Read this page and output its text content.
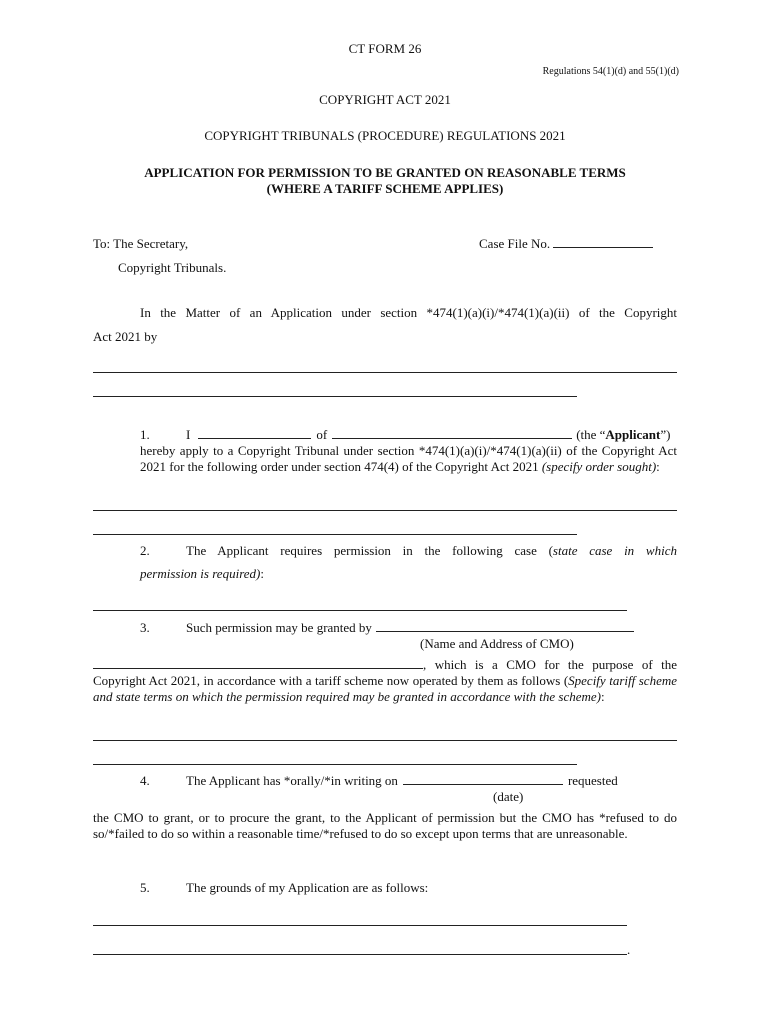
CT FORM 26
Regulations 54(1)(d) and 55(1)(d)
COPYRIGHT ACT 2021
COPYRIGHT TRIBUNALS (PROCEDURE) REGULATIONS 2021
APPLICATION FOR PERMISSION TO BE GRANTED ON REASONABLE TERMS
(WHERE A TARIFF SCHEME APPLIES)
To: The Secretary,	Case File No.
Copyright Tribunals.
In the Matter of an Application under section *474(1)(a)(i)/*474(1)(a)(ii) of the Copyright
Act 2021 by
1.	I	of	(the “Applicant”)
hereby apply to a Copyright Tribunal under section *474(1)(a)(i)/*474(1)(a)(ii) of the Copyright Act 2021 for the following order under section 474(4) of the Copyright Act 2021 (specify order sought):
2.	The Applicant requires permission in the following case (state case in which
permission is required):
3.	Such permission may be granted by
(Name and Address of CMO)
, which is a CMO for the purpose of the
Copyright Act 2021, in accordance with a tariff scheme now operated by them as follows (Specify tariff scheme and state terms on which the permission required may be granted in accordance with the scheme):
4.	The Applicant has *orally/*in writing on	requested
(date)
the CMO to grant, or to procure the grant, to the Applicant of permission but the CMO has *refused to do so/*failed to do so within a reasonable time/*refused to do so except upon terms that are unreasonable.
5.	The grounds of my Application are as follows:
.
